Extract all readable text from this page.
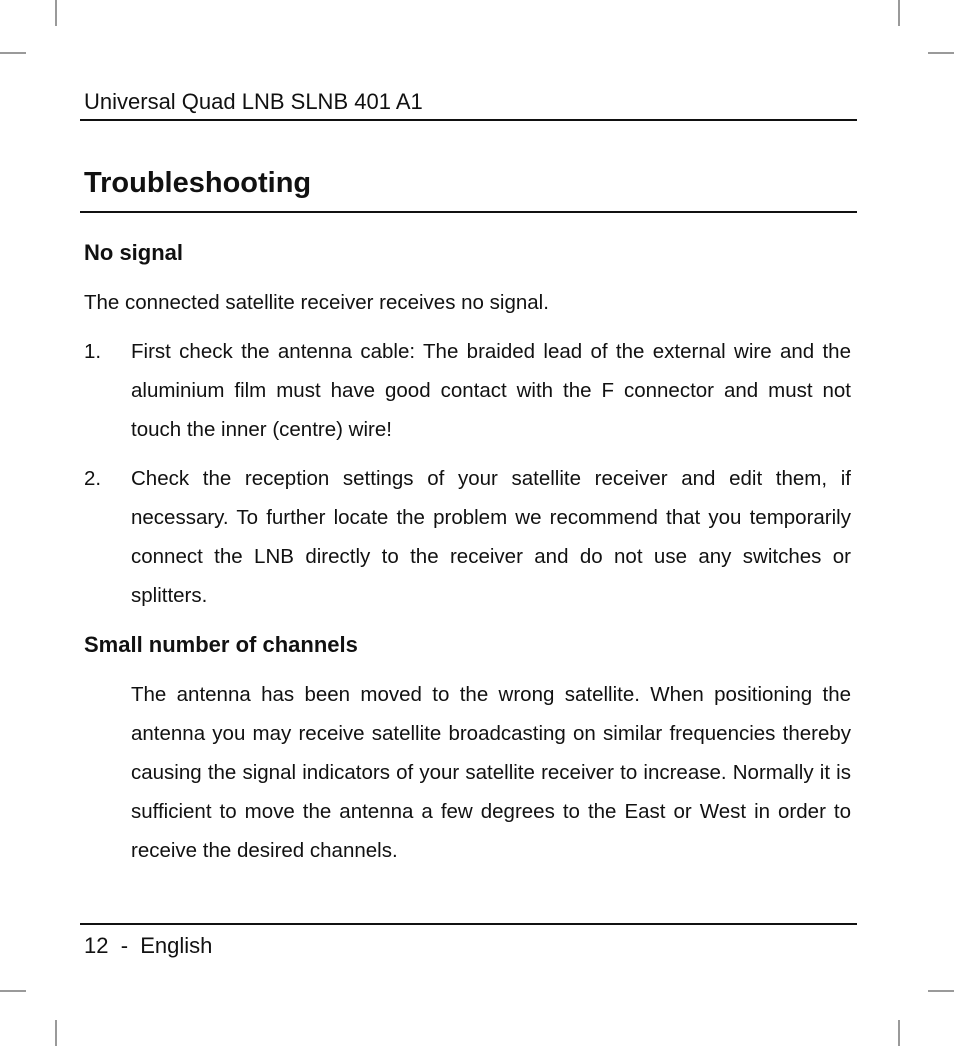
Universal Quad LNB SLNB 401 A1
Troubleshooting
No signal

The connected satellite receiver receives no signal.

1.	First check the antenna cable: The braided lead of the external wire and the aluminium film must have good contact with the F connector and must not touch the inner (centre) wire!

2.	Check the reception settings of your satellite receiver and edit them, if necessary. To further locate the problem we recommend that you temporarily connect the LNB directly to the receiver and do not use any switches or splitters.

Small number of channels

The antenna has been moved to the wrong satellite. When positioning the antenna you may receive satellite broadcasting on similar frequencies thereby causing the signal indicators of your satellite receiver to increase. Normally it is sufficient to move the antenna a few degrees to the East or West in order to receive the desired channels.

12  -  English
